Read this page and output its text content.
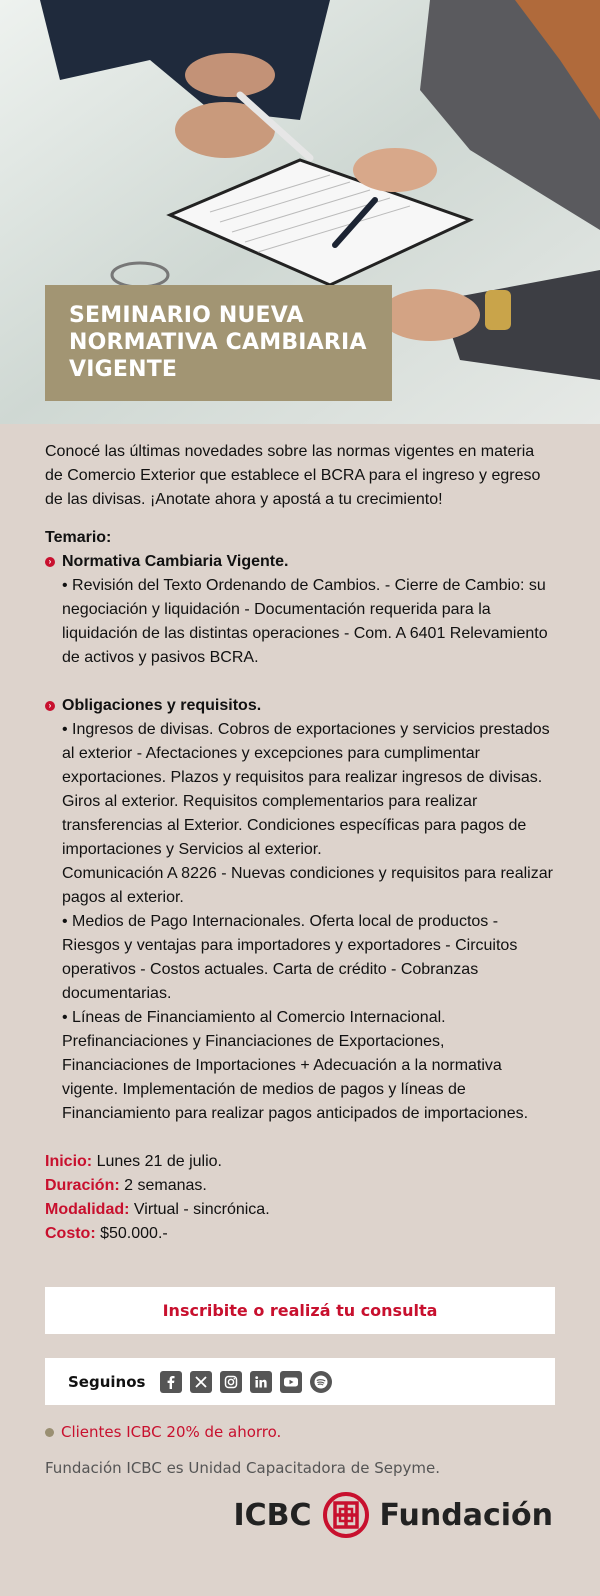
SEMINARIO NUEVA
NORMATIVA CAMBIARIA
VIGENTE

Conocé las últimas novedades sobre las normas vigentes en materia de Comercio Exterior que establece el BCRA para el ingreso y egreso de las divisas. ¡Anotate ahora y apostá a tu crecimiento!

Temario:

› Normativa Cambiaria Vigente.
• Revisión del Texto Ordenando de Cambios. - Cierre de Cambio: su negociación y liquidación - Documentación requerida para la liquidación de las distintas operaciones - Com. A 6401 Relevamiento de activos y pasivos BCRA.
› Obligaciones y requisitos.
• Ingresos de divisas. Cobros de exportaciones y servicios prestados al exterior - Afectaciones y excepciones para cumplimentar exportaciones. Plazos y requisitos para realizar ingresos de divisas.
Giros al exterior. Requisitos complementarios para realizar transferencias al Exterior. Condiciones específicas para pagos de importaciones y Servicios al exterior.
Comunicación A 8226 - Nuevas condiciones y requisitos para realizar pagos al exterior.
• Medios de Pago Internacionales. Oferta local de productos - Riesgos y ventajas para importadores y exportadores - Circuitos operativos - Costos actuales. Carta de crédito - Cobranzas documentarias.
• Líneas de Financiamiento al Comercio Internacional. Prefinanciaciones y Financiaciones de Exportaciones, Financiaciones de Importaciones + Adecuación a la normativa vigente. Implementación de medios de pagos y líneas de Financiamiento para realizar pagos anticipados de importaciones.
Inicio: Lunes 21 de julio.
Duración: 2 semanas.
Modalidad: Virtual - sincrónica.
Costo: $50.000.-
Inscribite o realizá tu consulta
Seguinos
Clientes ICBC 20% de ahorro.
Fundación ICBC es Unidad Capacitadora de Sepyme.
ICBC Fundación
